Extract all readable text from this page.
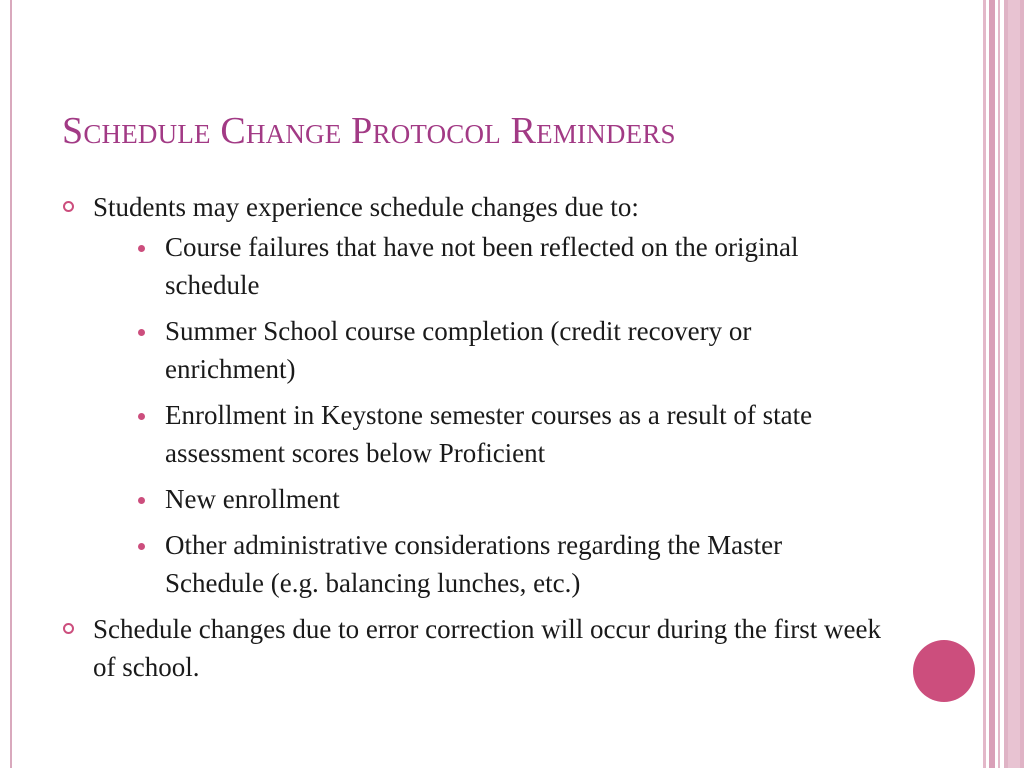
Schedule Change Protocol Reminders
Students may experience schedule changes due to:
Course failures that have not been reflected on the original schedule
Summer School course completion (credit recovery or enrichment)
Enrollment in Keystone semester courses as a result of state assessment scores below Proficient
New enrollment
Other administrative considerations regarding the Master Schedule (e.g. balancing lunches, etc.)
Schedule changes due to error correction will occur during the first week of school.
